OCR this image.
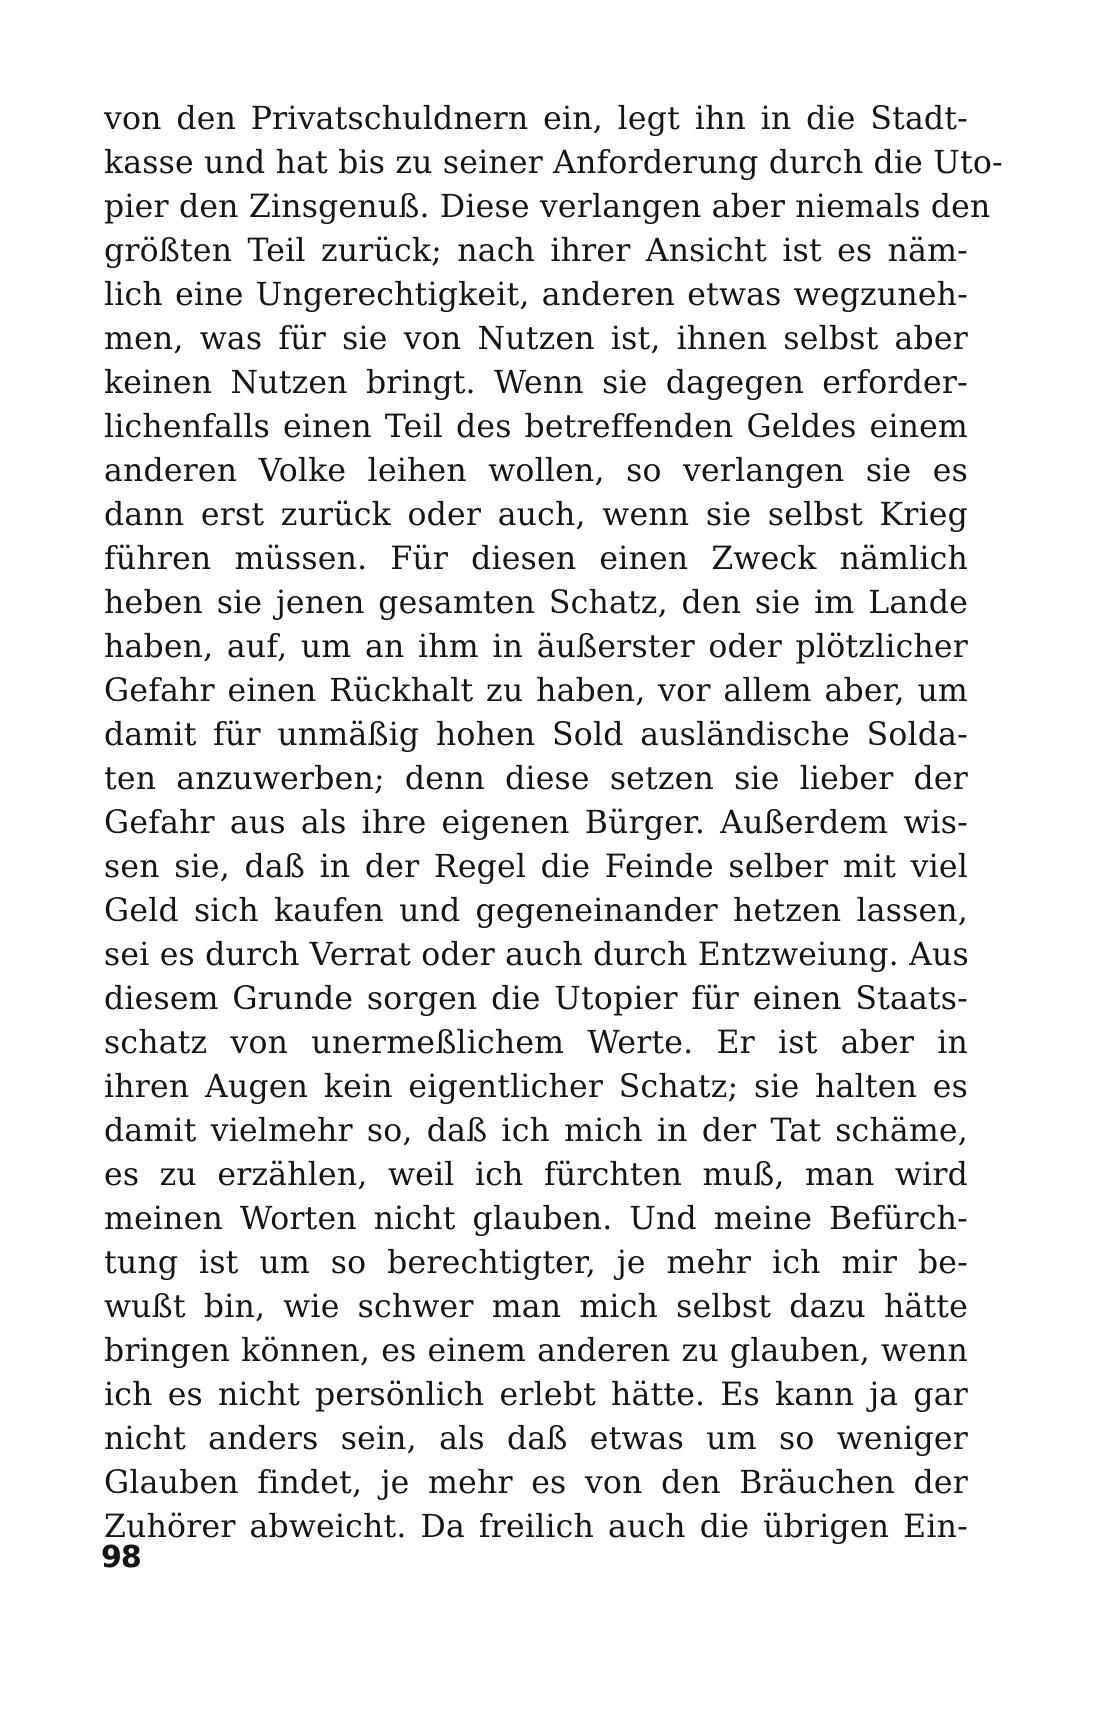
von den Privatschuldnern ein, legt ihn in die Stadt-
kasse und hat bis zu seiner Anforderung durch die Uto-
pier den Zinsgenuß. Diese verlangen aber niemals den
größten Teil zurück; nach ihrer Ansicht ist es näm-
lich eine Ungerechtigkeit, anderen etwas wegzuneh-
men, was für sie von Nutzen ist, ihnen selbst aber
keinen Nutzen bringt. Wenn sie dagegen erforder-
lichenfalls einen Teil des betreffenden Geldes einem
anderen Volke leihen wollen, so verlangen sie es
dann erst zurück oder auch, wenn sie selbst Krieg
führen müssen. Für diesen einen Zweck nämlich
heben sie jenen gesamten Schatz, den sie im Lande
haben, auf, um an ihm in äußerster oder plötzlicher
Gefahr einen Rückhalt zu haben, vor allem aber, um
damit für unmäßig hohen Sold ausländische Solda-
ten anzuwerben; denn diese setzen sie lieber der
Gefahr aus als ihre eigenen Bürger. Außerdem wis-
sen sie, daß in der Regel die Feinde selber mit viel
Geld sich kaufen und gegeneinander hetzen lassen,
sei es durch Verrat oder auch durch Entzweiung. Aus
diesem Grunde sorgen die Utopier für einen Staats-
schatz von unermeßlichem Werte. Er ist aber in
ihren Augen kein eigentlicher Schatz; sie halten es
damit vielmehr so, daß ich mich in der Tat schäme,
es zu erzählen, weil ich fürchten muß, man wird
meinen Worten nicht glauben. Und meine Befürch-
tung ist um so berechtigter, je mehr ich mir be-
wußt bin, wie schwer man mich selbst dazu hätte
bringen können, es einem anderen zu glauben, wenn
ich es nicht persönlich erlebt hätte. Es kann ja gar
nicht anders sein, als daß etwas um so weniger
Glauben findet, je mehr es von den Bräuchen der
Zuhörer abweicht. Da freilich auch die übrigen Ein-
98
